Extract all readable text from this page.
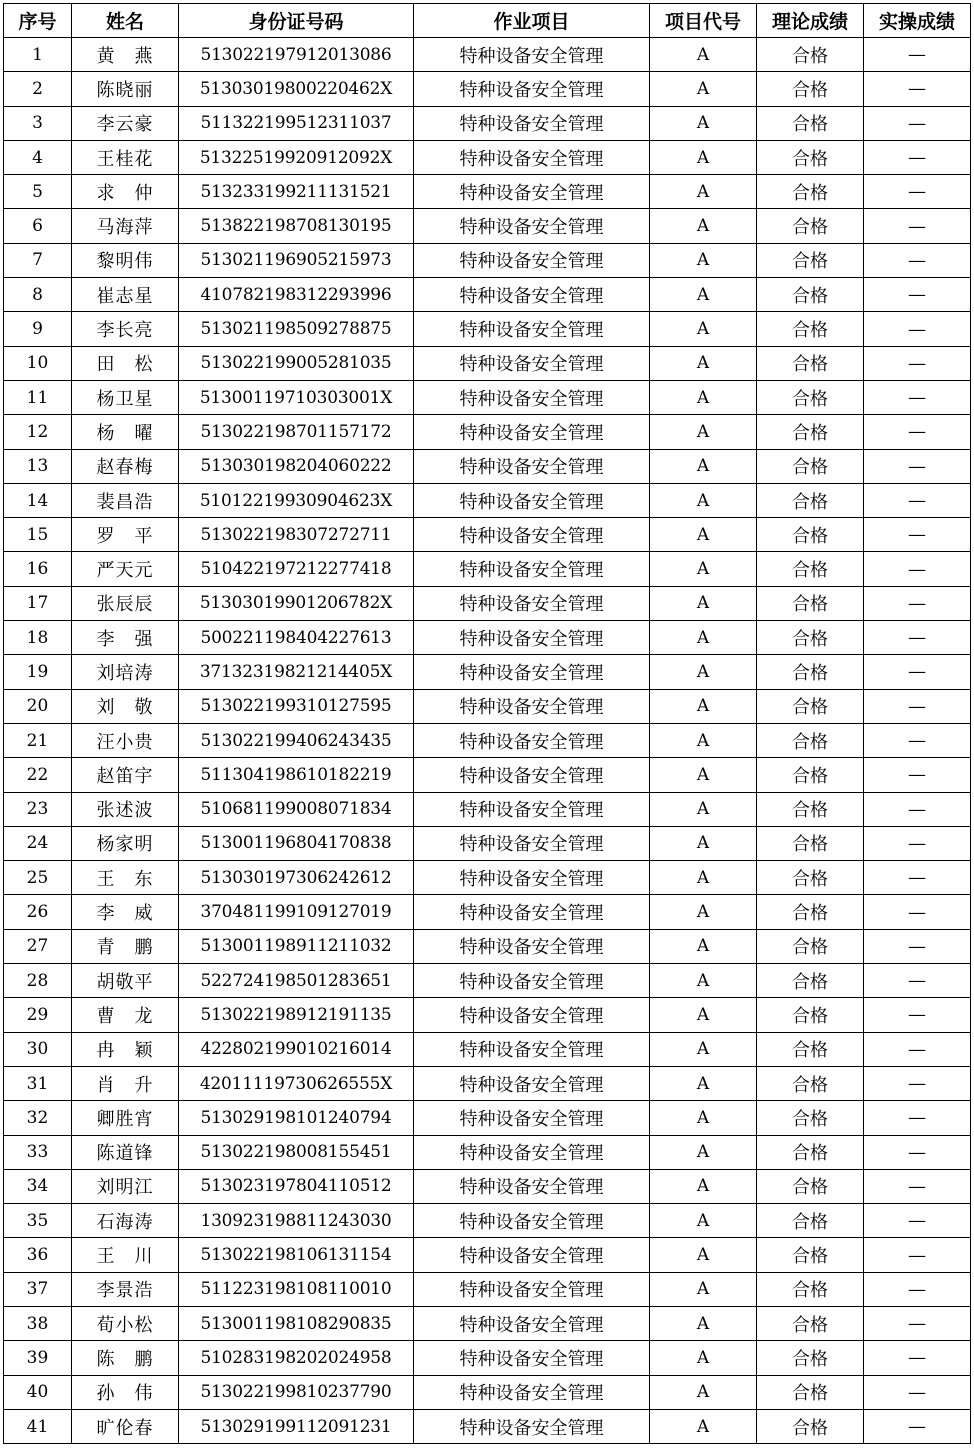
序号	姓名	身份证号码	作业项目	项目代号	理论成绩	实操成绩
1	黄　燕	513022197912013086	特种设备安全管理	A	合格	—
2	陈晓丽	51303019800220462X	特种设备安全管理	A	合格	—
3	李云豪	511322199512311037	特种设备安全管理	A	合格	—
4	王桂花	51322519920912092X	特种设备安全管理	A	合格	—
5	求　仲	513233199211131521	特种设备安全管理	A	合格	—
6	马海萍	513822198708130195	特种设备安全管理	A	合格	—
7	黎明伟	513021196905215973	特种设备安全管理	A	合格	—
8	崔志星	410782198312293996	特种设备安全管理	A	合格	—
9	李长亮	513021198509278875	特种设备安全管理	A	合格	—
10	田　松	513022199005281035	特种设备安全管理	A	合格	—
11	杨卫星	51300119710303001X	特种设备安全管理	A	合格	—
12	杨　曜	513022198701157172	特种设备安全管理	A	合格	—
13	赵春梅	513030198204060222	特种设备安全管理	A	合格	—
14	裴昌浩	51012219930904623X	特种设备安全管理	A	合格	—
15	罗　平	513022198307272711	特种设备安全管理	A	合格	—
16	严天元	510422197212277418	特种设备安全管理	A	合格	—
17	张辰辰	51303019901206782X	特种设备安全管理	A	合格	—
18	李　强	500221198404227613	特种设备安全管理	A	合格	—
19	刘培涛	37132319821214405X	特种设备安全管理	A	合格	—
20	刘　敬	513022199310127595	特种设备安全管理	A	合格	—
21	汪小贵	513022199406243435	特种设备安全管理	A	合格	—
22	赵笛宇	511304198610182219	特种设备安全管理	A	合格	—
23	张述波	510681199008071834	特种设备安全管理	A	合格	—
24	杨家明	513001196804170838	特种设备安全管理	A	合格	—
25	王　东	513030197306242612	特种设备安全管理	A	合格	—
26	李　威	370481199109127019	特种设备安全管理	A	合格	—
27	青　鹏	513001198911211032	特种设备安全管理	A	合格	—
28	胡敬平	522724198501283651	特种设备安全管理	A	合格	—
29	曹　龙	513022198912191135	特种设备安全管理	A	合格	—
30	冉　颖	422802199010216014	特种设备安全管理	A	合格	—
31	肖　升	42011119730626555X	特种设备安全管理	A	合格	—
32	卿胜宵	513029198101240794	特种设备安全管理	A	合格	—
33	陈道锋	513022198008155451	特种设备安全管理	A	合格	—
34	刘明江	513023197804110512	特种设备安全管理	A	合格	—
35	石海涛	130923198811243030	特种设备安全管理	A	合格	—
36	王　川	513022198106131154	特种设备安全管理	A	合格	—
37	李景浩	511223198108110010	特种设备安全管理	A	合格	—
38	荀小松	513001198108290835	特种设备安全管理	A	合格	—
39	陈　鹏	510283198202024958	特种设备安全管理	A	合格	—
40	孙　伟	513022199810237790	特种设备安全管理	A	合格	—
41	旷伦春	513029199112091231	特种设备安全管理	A	合格	—
